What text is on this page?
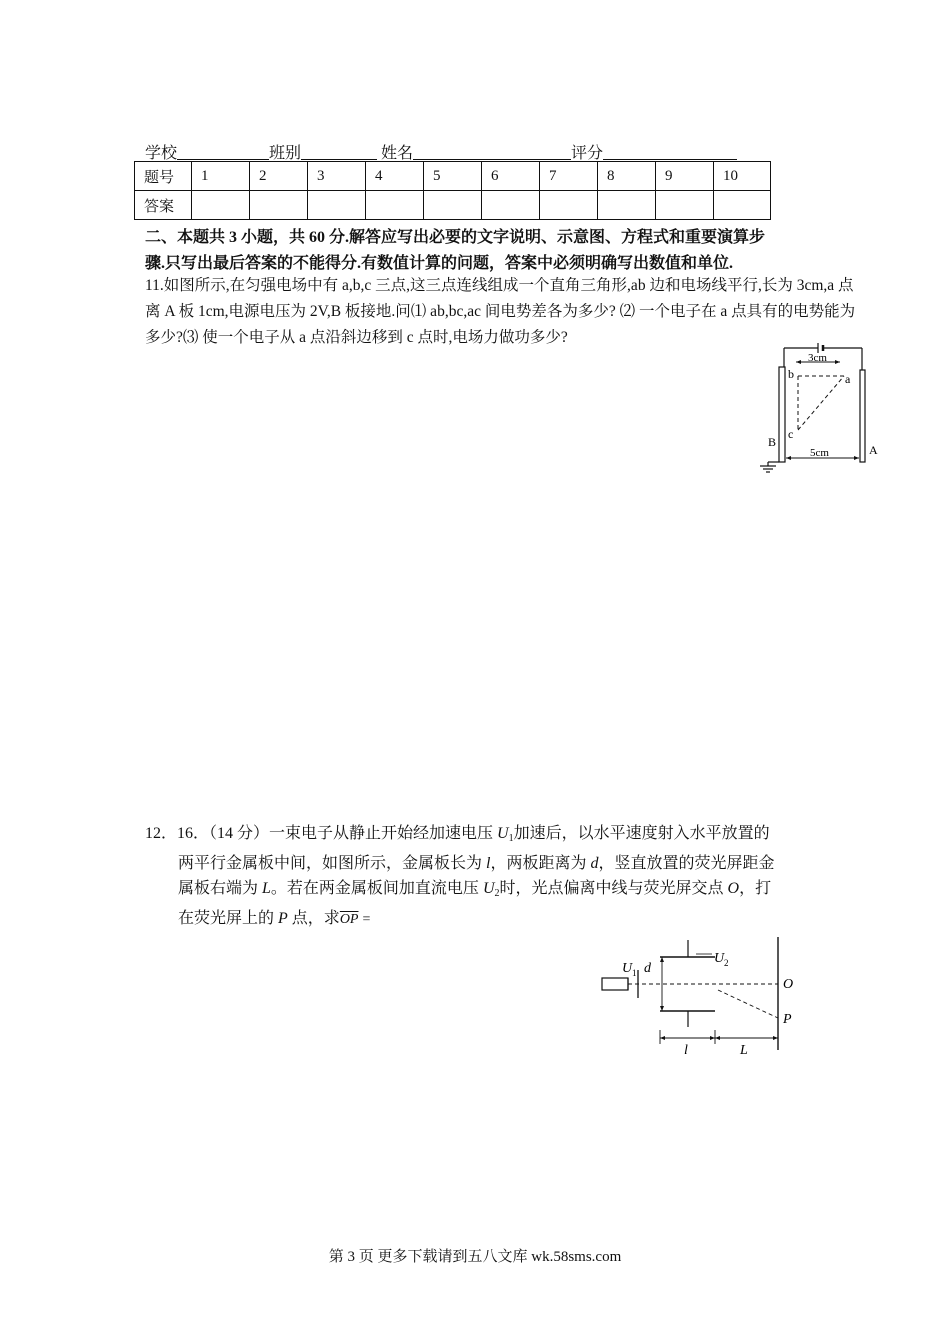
学校	班别	姓名	评分
题号	1	2	3	4	5	6	7	8	9	10
答案										
二、本题共 3 小题，共 60 分.解答应写出必要的文字说明、示意图、方程式和重要演算步
骤.只写出最后答案的不能得分.有数值计算的问题，答案中必须明确写出数值和单位.
11.如图所示,在匀强电场中有 a,b,c 三点,这三点连线组成一个直角三角形,ab 边和电场线平行,长为 3cm,a 点
离 A 板 1cm,电源电压为 2V,B 板接地.问⑴ ab,bc,ac 间电势差各为多少? ⑵ 一个电子在 a 点具有的电势能为
多少?⑶ 使一个电子从 a 点沿斜边移到 c 点时,电场力做功多少?
3cm
b	a
c
B
A
5cm
12．16．（14 分）一束电子从静止开始经加速电压 U1加速后，以水平速度射入水平放置的
两平行金属板中间，如图所示，金属板长为 l，两板距离为 d，竖直放置的荧光屏距金
属板右端为 L。若在两金属板间加直流电压 U2时，光点偏离中线与荧光屏交点 O，打
在荧光屏上的 P 点，求$\overline{OP}$ =
U 1 d
U 2
O
P
l	L
第 3 页 更多下载请到五八文库 wk.58sms.com
